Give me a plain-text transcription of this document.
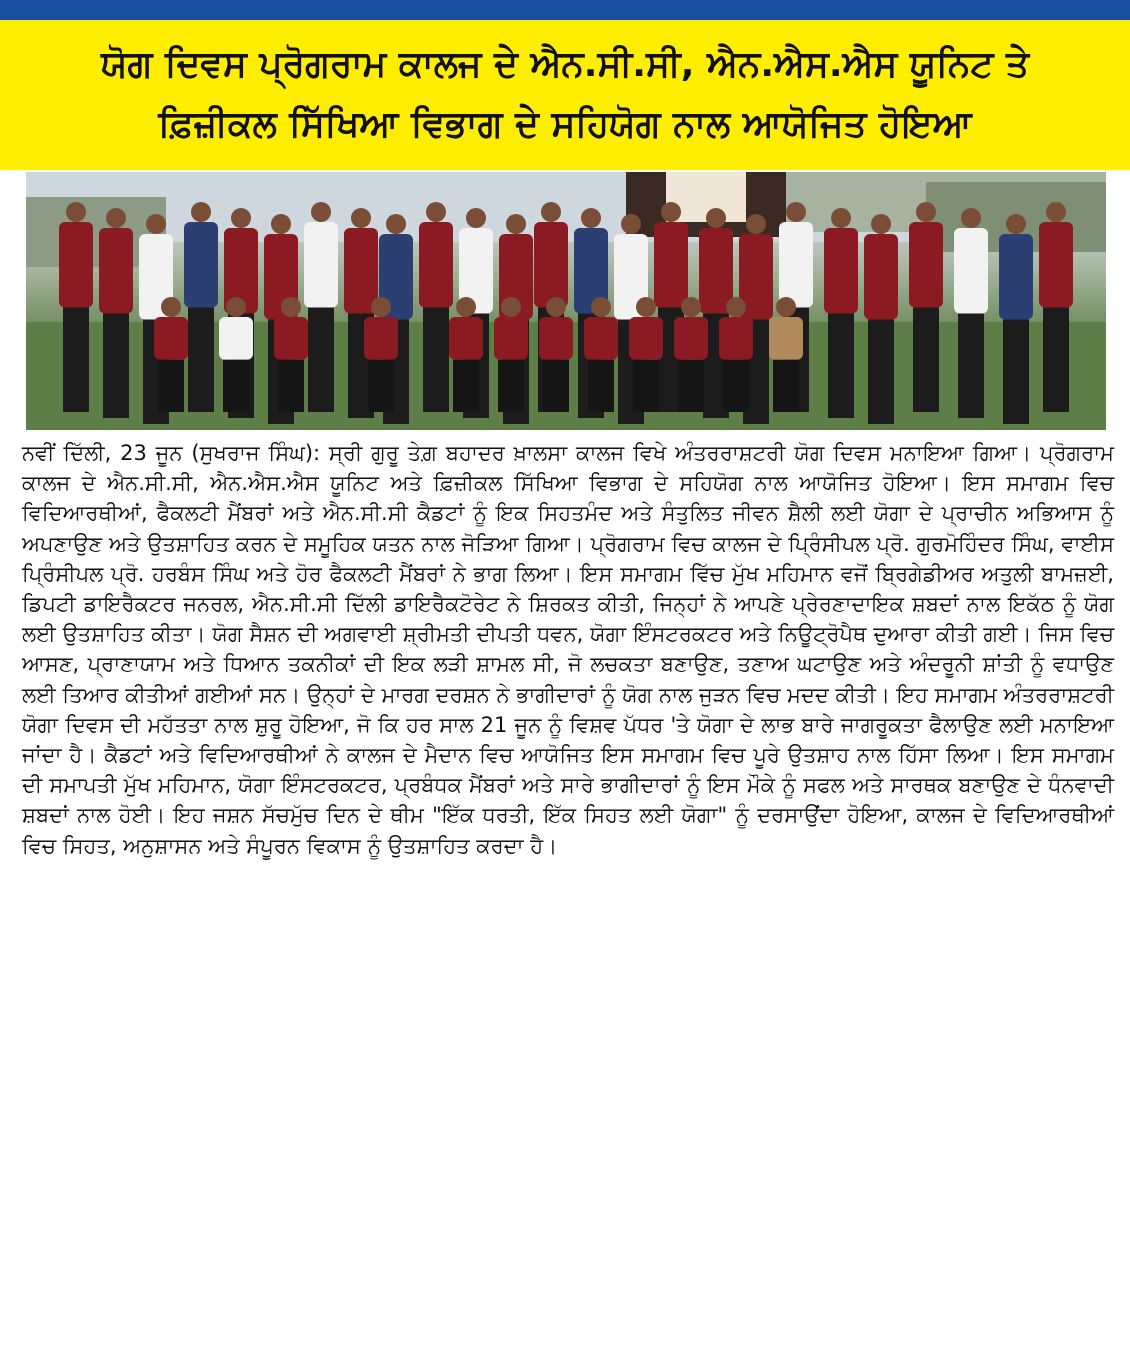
ਯੋਗ ਦਿਵਸ ਪ੍ਰੋਗਰਾਮ ਕਾਲਜ ਦੇ ਐਨ.ਸੀ.ਸੀ, ਐਨ.ਐਸ.ਐਸ ਯੂਨਿਟ ਤੇ
ਫ਼ਿਜ਼ੀਕਲ ਸਿੱਖਿਆ ਵਿਭਾਗ ਦੇ ਸਹਿਯੋਗ ਨਾਲ ਆਯੋਜਿਤ ਹੋਇਆ
ਨਵੀਂ ਦਿੱਲੀ, 23 ਜੂਨ (ਸੁਖਰਾਜ ਸਿੰਘ): ਸ੍ਰੀ ਗੁਰੂ ਤੇਗ਼ ਬਹਾਦਰ ਖ਼ਾਲਸਾ ਕਾਲਜ ਵਿਖੇ ਅੰਤਰਰਾਸ਼ਟਰੀ ਯੋਗ ਦਿਵਸ ਮਨਾਇਆ ਗਿਆ। ਪ੍ਰੋਗਰਾਮ ਕਾਲਜ ਦੇ ਐਨ.ਸੀ.ਸੀ, ਐਨ.ਐਸ.ਐਸ ਯੂਨਿਟ ਅਤੇ ਫ਼ਿਜ਼ੀਕਲ ਸਿੱਖਿਆ ਵਿਭਾਗ ਦੇ ਸਹਿਯੋਗ ਨਾਲ ਆਯੋਜਿਤ ਹੋਇਆ। ਇਸ ਸਮਾਗਮ ਵਿਚ ਵਿਦਿਆਰਥੀਆਂ, ਫੈਕਲਟੀ ਮੈਂਬਰਾਂ ਅਤੇ ਐਨ.ਸੀ.ਸੀ ਕੈਡਟਾਂ ਨੂੰ ਇਕ ਸਿਹਤਮੰਦ ਅਤੇ ਸੰਤੁਲਿਤ ਜੀਵਨ ਸ਼ੈਲੀ ਲਈ ਯੋਗਾ ਦੇ ਪ੍ਰਾਚੀਨ ਅਭਿਆਸ ਨੂੰ ਅਪਣਾਉਣ ਅਤੇ ਉਤਸ਼ਾਹਿਤ ਕਰਨ ਦੇ ਸਮੂਹਿਕ ਯਤਨ ਨਾਲ ਜੋੜਿਆ ਗਿਆ। ਪ੍ਰੋਗਰਾਮ ਵਿਚ ਕਾਲਜ ਦੇ ਪ੍ਰਿੰਸੀਪਲ ਪ੍ਰੋ. ਗੁਰਮੋਹਿੰਦਰ ਸਿੰਘ, ਵਾਈਸ ਪ੍ਰਿੰਸੀਪਲ ਪ੍ਰੋ. ਹਰਬੰਸ ਸਿੰਘ ਅਤੇ ਹੋਰ ਫੈਕਲਟੀ ਮੈਂਬਰਾਂ ਨੇ ਭਾਗ ਲਿਆ। ਇਸ ਸਮਾਗਮ ਵਿੱਚ ਮੁੱਖ ਮਹਿਮਾਨ ਵਜੋਂ ਬ੍ਰਿਗੇਡੀਅਰ ਅਤੁਲੀ ਬਾਮਜ਼ਈ, ਡਿਪਟੀ ਡਾਇਰੈਕਟਰ ਜਨਰਲ, ਐਨ.ਸੀ.ਸੀ ਦਿੱਲੀ ਡਾਇਰੈਕਟੋਰੇਟ ਨੇ ਸ਼ਿਰਕਤ ਕੀਤੀ, ਜਿਨ੍ਹਾਂ ਨੇ ਆਪਣੇ ਪ੍ਰੇਰਣਾਦਾਇਕ ਸ਼ਬਦਾਂ ਨਾਲ ਇਕੱਠ ਨੂੰ ਯੋਗ ਲਈ ਉਤਸ਼ਾਹਿਤ ਕੀਤਾ। ਯੋਗ ਸੈਸ਼ਨ ਦੀ ਅਗਵਾਈ ਸ਼੍ਰੀਮਤੀ ਦੀਪਤੀ ਧਵਨ, ਯੋਗਾ ਇੰਸਟਰਕਟਰ ਅਤੇ ਨਿਊਟ੍ਰੋਪੈਥ ਦੁਆਰਾ ਕੀਤੀ ਗਈ। ਜਿਸ ਵਿਚ ਆਸਣ, ਪ੍ਰਾਣਾਯਾਮ ਅਤੇ ਧਿਆਨ ਤਕਨੀਕਾਂ ਦੀ ਇਕ ਲੜੀ ਸ਼ਾਮਲ ਸੀ, ਜੋ ਲਚਕਤਾ ਬਣਾਉਣ, ਤਣਾਅ ਘਟਾਉਣ ਅਤੇ ਅੰਦਰੂਨੀ ਸ਼ਾਂਤੀ ਨੂੰ ਵਧਾਉਣ ਲਈ ਤਿਆਰ ਕੀਤੀਆਂ ਗਈਆਂ ਸਨ। ਉਨ੍ਹਾਂ ਦੇ ਮਾਰਗ ਦਰਸ਼ਨ ਨੇ ਭਾਗੀਦਾਰਾਂ ਨੂੰ ਯੋਗ ਨਾਲ ਜੁੜਨ ਵਿਚ ਮਦਦ ਕੀਤੀ। ਇਹ ਸਮਾਗਮ ਅੰਤਰਰਾਸ਼ਟਰੀ ਯੋਗਾ ਦਿਵਸ ਦੀ ਮਹੱਤਤਾ ਨਾਲ ਸ਼ੁਰੂ ਹੋਇਆ, ਜੋ ਕਿ ਹਰ ਸਾਲ 21 ਜੂਨ ਨੂੰ ਵਿਸ਼ਵ ਪੱਧਰ 'ਤੇ ਯੋਗਾ ਦੇ ਲਾਭ ਬਾਰੇ ਜਾਗਰੂਕਤਾ ਫੈਲਾਉਣ ਲਈ ਮਨਾਇਆ ਜਾਂਦਾ ਹੈ। ਕੈਡਟਾਂ ਅਤੇ ਵਿਦਿਆਰਥੀਆਂ ਨੇ ਕਾਲਜ ਦੇ ਮੈਦਾਨ ਵਿਚ ਆਯੋਜਿਤ ਇਸ ਸਮਾਗਮ ਵਿਚ ਪੂਰੇ ਉਤਸ਼ਾਹ ਨਾਲ ਹਿੱਸਾ ਲਿਆ। ਇਸ ਸਮਾਗਮ ਦੀ ਸਮਾਪਤੀ ਮੁੱਖ ਮਹਿਮਾਨ, ਯੋਗਾ ਇੰਸਟਰਕਟਰ, ਪ੍ਰਬੰਧਕ ਮੈਂਬਰਾਂ ਅਤੇ ਸਾਰੇ ਭਾਗੀਦਾਰਾਂ ਨੂੰ ਇਸ ਮੌਕੇ ਨੂੰ ਸਫਲ ਅਤੇ ਸਾਰਥਕ ਬਣਾਉਣ ਦੇ ਧੰਨਵਾਦੀ ਸ਼ਬਦਾਂ ਨਾਲ ਹੋਈ। ਇਹ ਜਸ਼ਨ ਸੱਚਮੁੱਚ ਦਿਨ ਦੇ ਥੀਮ "ਇੱਕ ਧਰਤੀ, ਇੱਕ ਸਿਹਤ ਲਈ ਯੋਗਾ" ਨੂੰ ਦਰਸਾਉਂਦਾ ਹੋਇਆ, ਕਾਲਜ ਦੇ ਵਿਦਿਆਰਥੀਆਂ ਵਿਚ ਸਿਹਤ, ਅਨੁਸ਼ਾਸਨ ਅਤੇ ਸੰਪੂਰਨ ਵਿਕਾਸ ਨੂੰ ਉਤਸ਼ਾਹਿਤ ਕਰਦਾ ਹੈ।
